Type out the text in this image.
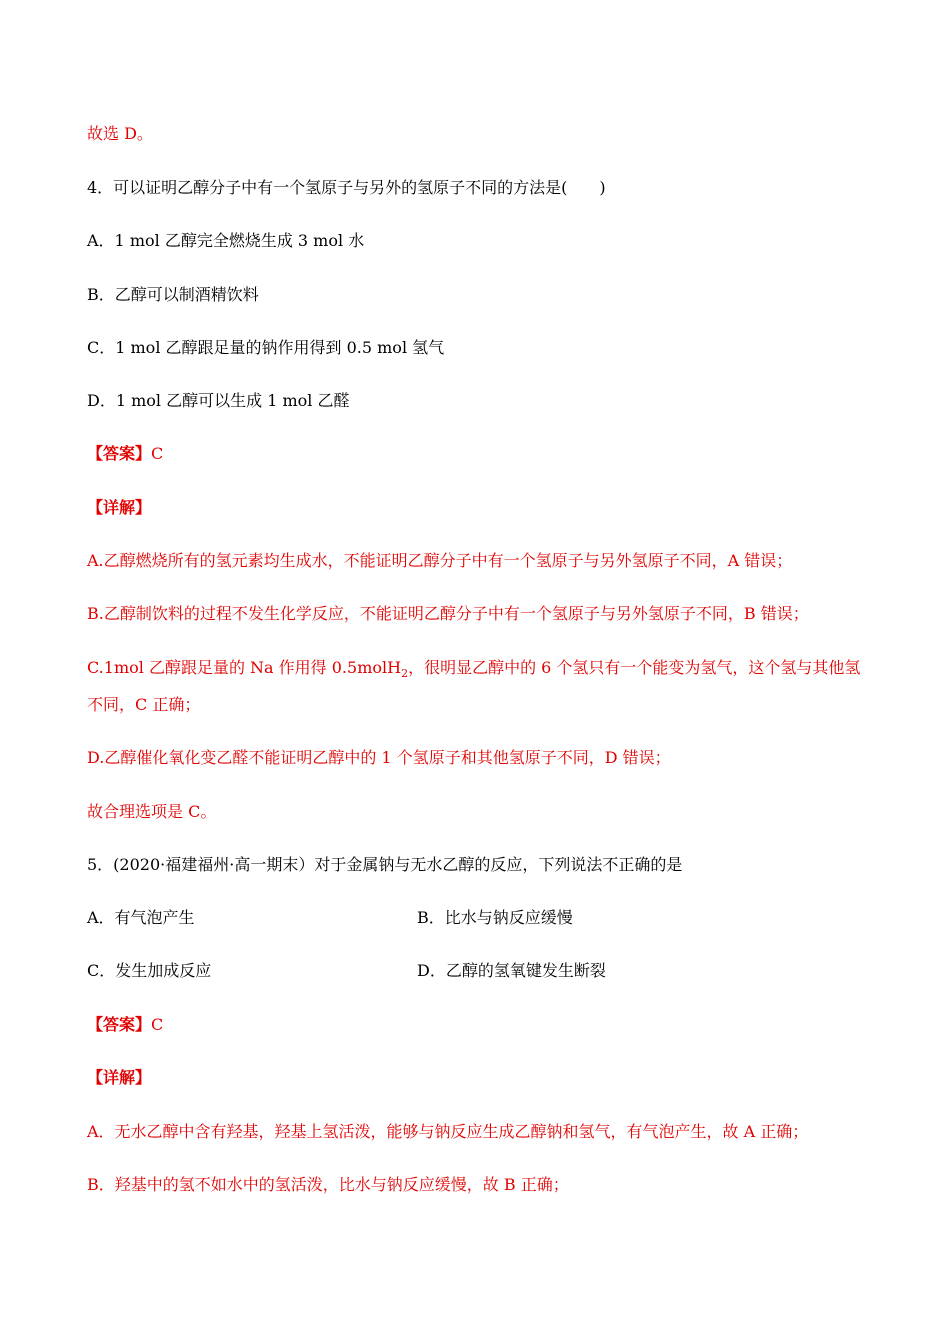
故选 D。
4．可以证明乙醇分子中有一个氢原子与另外的氢原子不同的方法是(　　)
A．1 mol 乙醇完全燃烧生成 3 mol 水
B．乙醇可以制酒精饮料
C．1 mol 乙醇跟足量的钠作用得到 0.5 mol 氢气
D．1 mol 乙醇可以生成 1 mol 乙醛
【答案】C
【详解】
A.乙醇燃烧所有的氢元素均生成水，不能证明乙醇分子中有一个氢原子与另外氢原子不同，A 错误；
B.乙醇制饮料的过程不发生化学反应，不能证明乙醇分子中有一个氢原子与另外氢原子不同，B 错误；
C.1mol 乙醇跟足量的 Na 作用得 0.5molH$_2$，很明显乙醇中的 6 个氢只有一个能变为氢气，这个氢与其他氢
不同，C 正确；
D.乙醇催化氧化变乙醛不能证明乙醇中的 1 个氢原子和其他氢原子不同，D 错误；
故合理选项是 C。
5．(2020·福建福州·高一期末）对于金属钠与无水乙醇的反应，下列说法不正确的是
A．有气泡产生	B．比水与钠反应缓慢
C．发生加成反应	D．乙醇的氢氧键发生断裂
【答案】C
【详解】
A．无水乙醇中含有羟基，羟基上氢活泼，能够与钠反应生成乙醇钠和氢气，有气泡产生，故 A 正确；
B．羟基中的氢不如水中的氢活泼，比水与钠反应缓慢，故 B 正确；
